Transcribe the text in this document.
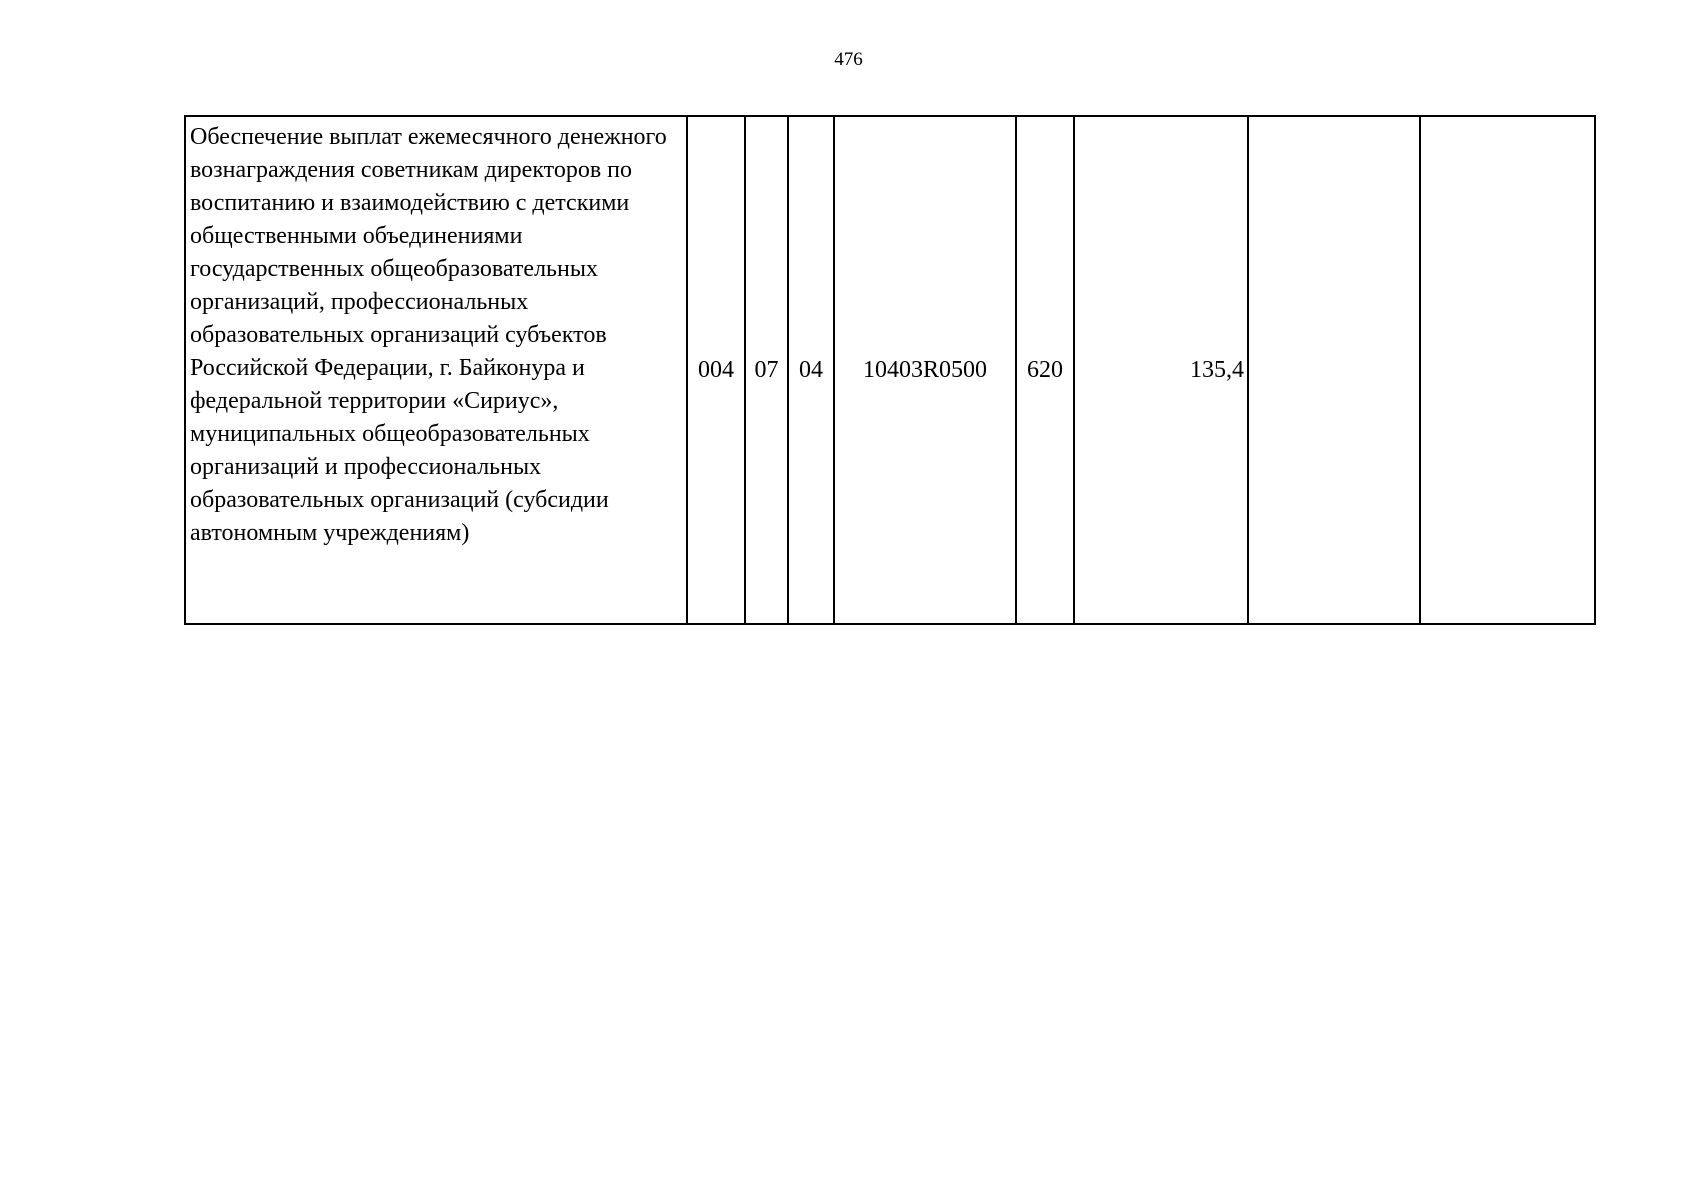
476
Обеспечение выплат ежемесячного денежного вознаграждения советникам директоров по воспитанию и взаимодействию с детскими общественными объединениями государственных общеобразовательных организаций, профессиональных образовательных организаций субъектов Российской Федерации, г. Байконура и федеральной территории «Сириус», муниципальных общеобразовательных организаций и профессиональных образовательных организаций (субсидии автономным учреждениям)	004	07	04	10403R0500	620	135,4		
